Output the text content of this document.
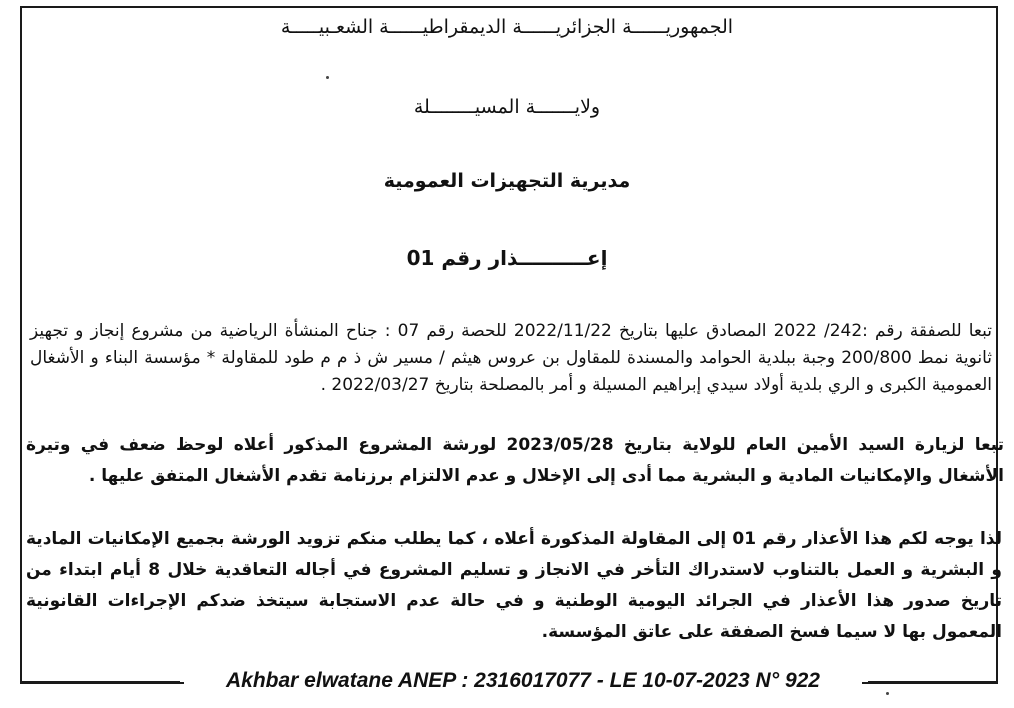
الجمهوريــــــة الجزائريــــــة الديمقراطيــــــة الشعـبيـــــة
ولايـــــــة المسيــــــــلة
مديرية التجهيزات العمومية
إعــــــــــذار رقم 01
تبعا للصفقة رقم :242/ 2022 المصادق عليها بتاريخ 2022/11/22 للحصة رقم 07 : جناح المنشأة الرياضية من مشروع إنجاز و تجهيز ثانوية نمط 200/800 وجبة ببلدية الحوامد والمسندة للمقاول بن عروس هيثم / مسير ش ذ م م طود للمقاولة * مؤسسة البناء و الأشغال العمومية الكبرى و الري بلدية أولاد سيدي إبراهيم المسيلة و أمر بالمصلحة بتاريخ 2022/03/27 .
تبعا لزيارة السيد الأمين العام للولاية بتاريخ 2023/05/28 لورشة المشروع المذكور أعلاه لوحظ ضعف في وتيرة الأشغال والإمكانيات المادية و البشرية مما أدى إلى الإخلال و عدم الالتزام برزنامة تقدم الأشغال المتفق عليها .
لذا يوجه لكم هذا الأعذار رقم 01 إلى المقاولة المذكورة أعلاه ، كما يطلب منكم تزويد الورشة بجميع الإمكانيات المادية و البشرية و العمل بالتناوب لاستدراك التأخر في الانجاز و تسليم المشروع في أجاله التعاقدية خلال 8 أيام ابتداء من تاريخ صدور هذا الأعذار في الجرائد اليومية الوطنية و في حالة عدم الاستجابة سيتخذ ضدكم الإجراءات القانونية المعمول بها لا سيما فسخ الصفقة على عاتق المؤسسة.
Akhbar elwatane ANEP : 2316017077 - LE 10-07-2023 N° 922
